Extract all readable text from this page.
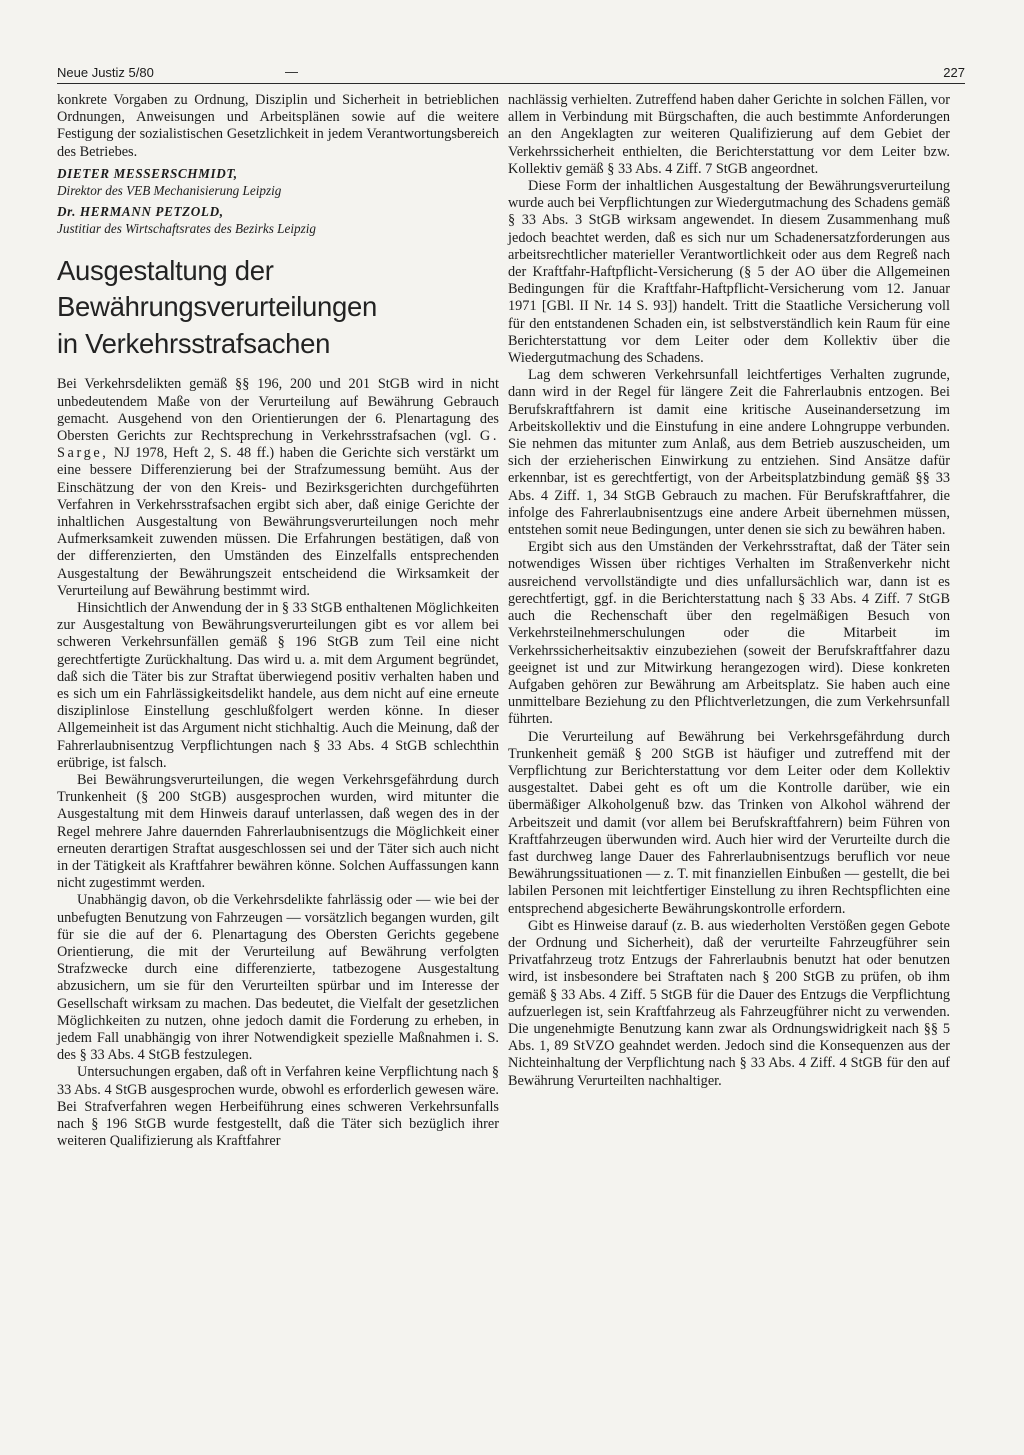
Neue Justiz 5/80	—	227

konkrete Vorgaben zu Ordnung, Disziplin und Sicherheit in betrieblichen Ordnungen, Anweisungen und Arbeitsplänen sowie auf die weitere Festigung der sozialistischen Gesetzlichkeit in jedem Verantwortungsbereich des Betriebes.

DIETER MESSERSCHMIDT,
Direktor des VEB Mechanisierung Leipzig
Dr. HERMANN PETZOLD,
Justitiar des Wirtschaftsrates des Bezirks Leipzig
Ausgestaltung der
Bewährungsverurteilungen
in Verkehrsstrafsachen

Bei Verkehrsdelikten gemäß §§ 196, 200 und 201 StGB wird in nicht unbedeutendem Maße von der Verurteilung auf Bewährung Gebrauch gemacht. Ausgehend von den Orientierungen der 6. Plenartagung des Obersten Gerichts zur Rechtsprechung in Verkehrsstrafsachen (vgl. G. Sarge, NJ 1978, Heft 2, S. 48 ff.) haben die Gerichte sich verstärkt um eine bessere Differenzierung bei der Strafzumessung bemüht. Aus der Einschätzung der von den Kreis- und Bezirksgerichten durchgeführten Verfahren in Verkehrsstrafsachen ergibt sich aber, daß einige Gerichte der inhaltlichen Ausgestaltung von Bewährungsverurteilungen noch mehr Aufmerksamkeit zuwenden müssen. Die Erfahrungen bestätigen, daß von der differenzierten, den Umständen des Einzelfalls entsprechenden Ausgestaltung der Bewährungszeit entscheidend die Wirksamkeit der Verurteilung auf Bewährung bestimmt wird.

Hinsichtlich der Anwendung der in § 33 StGB enthaltenen Möglichkeiten zur Ausgestaltung von Bewährungsverurteilungen gibt es vor allem bei schweren Verkehrsunfällen gemäß § 196 StGB zum Teil eine nicht gerechtfertigte Zurückhaltung. Das wird u. a. mit dem Argument begründet, daß sich die Täter bis zur Straftat überwiegend positiv verhalten haben und es sich um ein Fahrlässigkeitsdelikt handele, aus dem nicht auf eine erneute disziplinlose Einstellung geschlußfolgert werden könne. In dieser Allgemeinheit ist das Argument nicht stichhaltig. Auch die Meinung, daß der Fahrerlaubnisentzug Verpflichtungen nach § 33 Abs. 4 StGB schlechthin erübrige, ist falsch.

Bei Bewährungsverurteilungen, die wegen Verkehrsgefährdung durch Trunkenheit (§ 200 StGB) ausgesprochen wurden, wird mitunter die Ausgestaltung mit dem Hinweis darauf unterlassen, daß wegen des in der Regel mehrere Jahre dauernden Fahrerlaubnisentzugs die Möglichkeit einer erneuten derartigen Straftat ausgeschlossen sei und der Täter sich auch nicht in der Tätigkeit als Kraftfahrer bewähren könne. Solchen Auffassungen kann nicht zugestimmt werden.

Unabhängig davon, ob die Verkehrsdelikte fahrlässig oder — wie bei der unbefugten Benutzung von Fahrzeugen — vorsätzlich begangen wurden, gilt für sie die auf der 6. Plenartagung des Obersten Gerichts gegebene Orientierung, die mit der Verurteilung auf Bewährung verfolgten Strafzwecke durch eine differenzierte, tatbezogene Ausgestaltung abzusichern, um sie für den Verurteilten spürbar und im Interesse der Gesellschaft wirksam zu machen. Das bedeutet, die Vielfalt der gesetzlichen Möglichkeiten zu nutzen, ohne jedoch damit die Forderung zu erheben, in jedem Fall unabhängig von ihrer Notwendigkeit spezielle Maßnahmen i. S. des § 33 Abs. 4 StGB festzulegen.

Untersuchungen ergaben, daß oft in Verfahren keine Verpflichtung nach § 33 Abs. 4 StGB ausgesprochen wurde, obwohl es erforderlich gewesen wäre. Bei Strafverfahren wegen Herbeiführung eines schweren Verkehrsunfalls nach § 196 StGB wurde festgestellt, daß die Täter sich bezüglich ihrer weiteren Qualifizierung als Kraftfahrer

nachlässig verhielten. Zutreffend haben daher Gerichte in solchen Fällen, vor allem in Verbindung mit Bürgschaften, die auch bestimmte Anforderungen an den Angeklagten zur weiteren Qualifizierung auf dem Gebiet der Verkehrssicherheit enthielten, die Berichterstattung vor dem Leiter bzw. Kollektiv gemäß § 33 Abs. 4 Ziff. 7 StGB angeordnet.

Diese Form der inhaltlichen Ausgestaltung der Bewährungsverurteilung wurde auch bei Verpflichtungen zur Wiedergutmachung des Schadens gemäß § 33 Abs. 3 StGB wirksam angewendet. In diesem Zusammenhang muß jedoch beachtet werden, daß es sich nur um Schadenersatzforderungen aus arbeitsrechtlicher materieller Verantwortlichkeit oder aus dem Regreß nach der Kraftfahr-Haftpflicht-Versicherung (§ 5 der AO über die Allgemeinen Bedingungen für die Kraftfahr-Haftpflicht-Versicherung vom 12. Januar 1971 [GBl. II Nr. 14 S. 93]) handelt. Tritt die Staatliche Versicherung voll für den entstandenen Schaden ein, ist selbstverständlich kein Raum für eine Berichterstattung vor dem Leiter oder dem Kollektiv über die Wiedergutmachung des Schadens.

Lag dem schweren Verkehrsunfall leichtfertiges Verhalten zugrunde, dann wird in der Regel für längere Zeit die Fahrerlaubnis entzogen. Bei Berufskraftfahrern ist damit eine kritische Auseinandersetzung im Arbeitskollektiv und die Einstufung in eine andere Lohngruppe verbunden. Sie nehmen das mitunter zum Anlaß, aus dem Betrieb auszuscheiden, um sich der erzieherischen Einwirkung zu entziehen. Sind Ansätze dafür erkennbar, ist es gerechtfertigt, von der Arbeitsplatzbindung gemäß §§ 33 Abs. 4 Ziff. 1, 34 StGB Gebrauch zu machen. Für Berufskraftfahrer, die infolge des Fahrerlaubnisentzugs eine andere Arbeit übernehmen müssen, entstehen somit neue Bedingungen, unter denen sie sich zu bewähren haben.

Ergibt sich aus den Umständen der Verkehrsstraftat, daß der Täter sein notwendiges Wissen über richtiges Verhalten im Straßenverkehr nicht ausreichend vervollständigte und dies unfallursächlich war, dann ist es gerechtfertigt, ggf. in die Berichterstattung nach § 33 Abs. 4 Ziff. 7 StGB auch die Rechenschaft über den regelmäßigen Besuch von Verkehrsteilnehmerschulungen oder die Mitarbeit im Verkehrssicherheitsaktiv einzubeziehen (soweit der Berufskraftfahrer dazu geeignet ist und zur Mitwirkung herangezogen wird). Diese konkreten Aufgaben gehören zur Bewährung am Arbeitsplatz. Sie haben auch eine unmittelbare Beziehung zu den Pflichtverletzungen, die zum Verkehrsunfall führten.

Die Verurteilung auf Bewährung bei Verkehrsgefährdung durch Trunkenheit gemäß § 200 StGB ist häufiger und zutreffend mit der Verpflichtung zur Berichterstattung vor dem Leiter oder dem Kollektiv ausgestaltet. Dabei geht es oft um die Kontrolle darüber, wie ein übermäßiger Alkoholgenuß bzw. das Trinken von Alkohol während der Arbeitszeit und damit (vor allem bei Berufskraftfahrern) beim Führen von Kraftfahrzeugen überwunden wird. Auch hier wird der Verurteilte durch die fast durchweg lange Dauer des Fahrerlaubnisentzugs beruflich vor neue Bewährungssituationen — z. T. mit finanziellen Einbußen — gestellt, die bei labilen Personen mit leichtfertiger Einstellung zu ihren Rechtspflichten eine entsprechend abgesicherte Bewährungskontrolle erfordern.

Gibt es Hinweise darauf (z. B. aus wiederholten Verstößen gegen Gebote der Ordnung und Sicherheit), daß der verurteilte Fahrzeugführer sein Privatfahrzeug trotz Entzugs der Fahrerlaubnis benutzt hat oder benutzen wird, ist insbesondere bei Straftaten nach § 200 StGB zu prüfen, ob ihm gemäß § 33 Abs. 4 Ziff. 5 StGB für die Dauer des Entzugs die Verpflichtung aufzuerlegen ist, sein Kraftfahrzeug als Fahrzeugführer nicht zu verwenden. Die ungenehmigte Benutzung kann zwar als Ordnungswidrigkeit nach §§ 5 Abs. 1, 89 StVZO geahndet werden. Jedoch sind die Konsequenzen aus der Nichteinhaltung der Verpflichtung nach § 33 Abs. 4 Ziff. 4 StGB für den auf Bewährung Verurteilten nachhaltiger.
